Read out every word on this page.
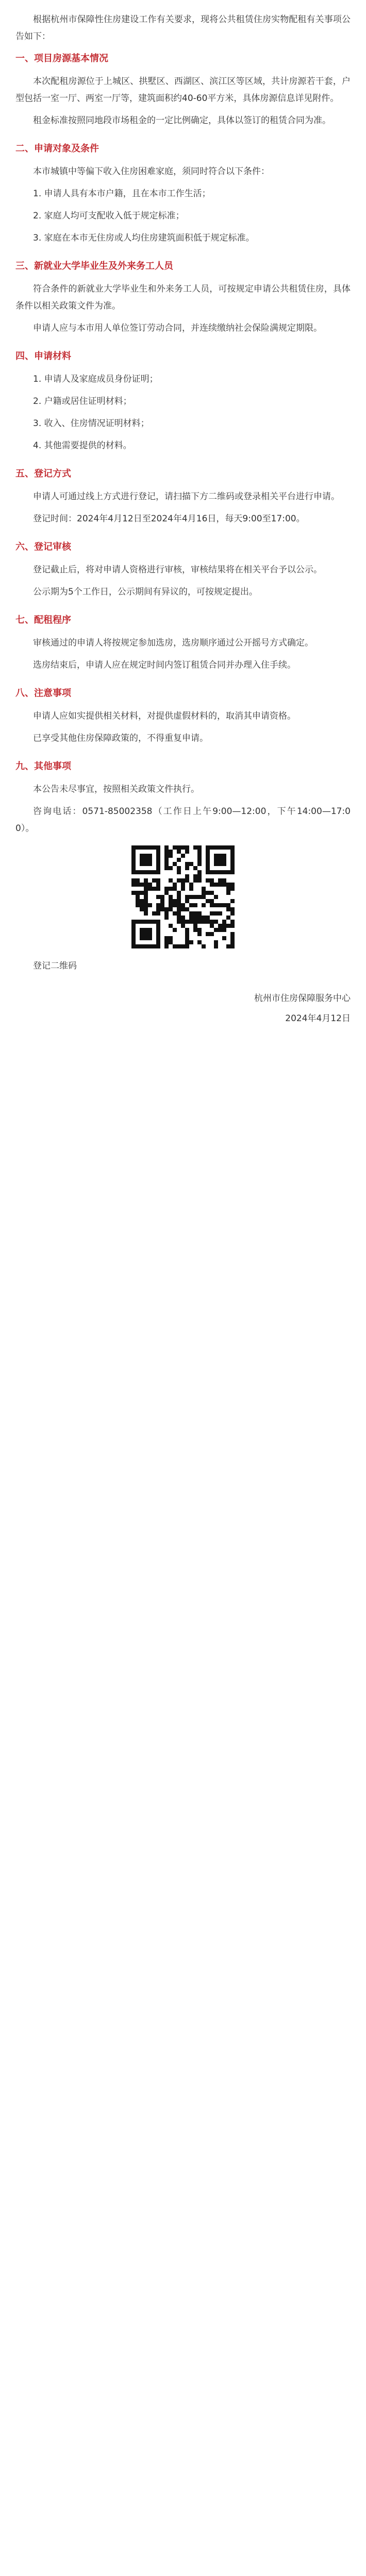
根据杭州市保障性住房建设工作有关要求，现将公共租赁住房实物配租有关事项公告如下：

一、项目房源基本情况

本次配租房源位于上城区、拱墅区、西湖区、滨江区等区域，共计房源若干套，户型包括一室一厅、两室一厅等，建筑面积约40-60平方米，具体房源信息详见附件。

租金标准按照同地段市场租金的一定比例确定，具体以签订的租赁合同为准。

二、申请对象及条件

本市城镇中等偏下收入住房困难家庭，须同时符合以下条件：

1. 申请人具有本市户籍，且在本市工作生活；

2. 家庭人均可支配收入低于规定标准；

3. 家庭在本市无住房或人均住房建筑面积低于规定标准。

三、新就业大学毕业生及外来务工人员

符合条件的新就业大学毕业生和外来务工人员，可按规定申请公共租赁住房，具体条件以相关政策文件为准。

申请人应与本市用人单位签订劳动合同，并连续缴纳社会保险满规定期限。

四、申请材料

1. 申请人及家庭成员身份证明；

2. 户籍或居住证明材料；

3. 收入、住房情况证明材料；

4. 其他需要提供的材料。

五、登记方式

申请人可通过线上方式进行登记，请扫描下方二维码或登录相关平台进行申请。

登记时间：2024年4月12日至2024年4月16日，每天9:00至17:00。

六、登记审核

登记截止后，将对申请人资格进行审核，审核结果将在相关平台予以公示。

公示期为5个工作日，公示期间有异议的，可按规定提出。

七、配租程序

审核通过的申请人将按规定参加选房，选房顺序通过公开摇号方式确定。

选房结束后，申请人应在规定时间内签订租赁合同并办理入住手续。

八、注意事项

申请人应如实提供相关材料，对提供虚假材料的，取消其申请资格。

已享受其他住房保障政策的，不得重复申请。

九、其他事项

本公告未尽事宜，按照相关政策文件执行。

咨询电话：0571-85002358（工作日上午9:00—12:00，下午14:00—17:00）。

登记二维码

杭州市住房保障服务中心

2024年4月12日
